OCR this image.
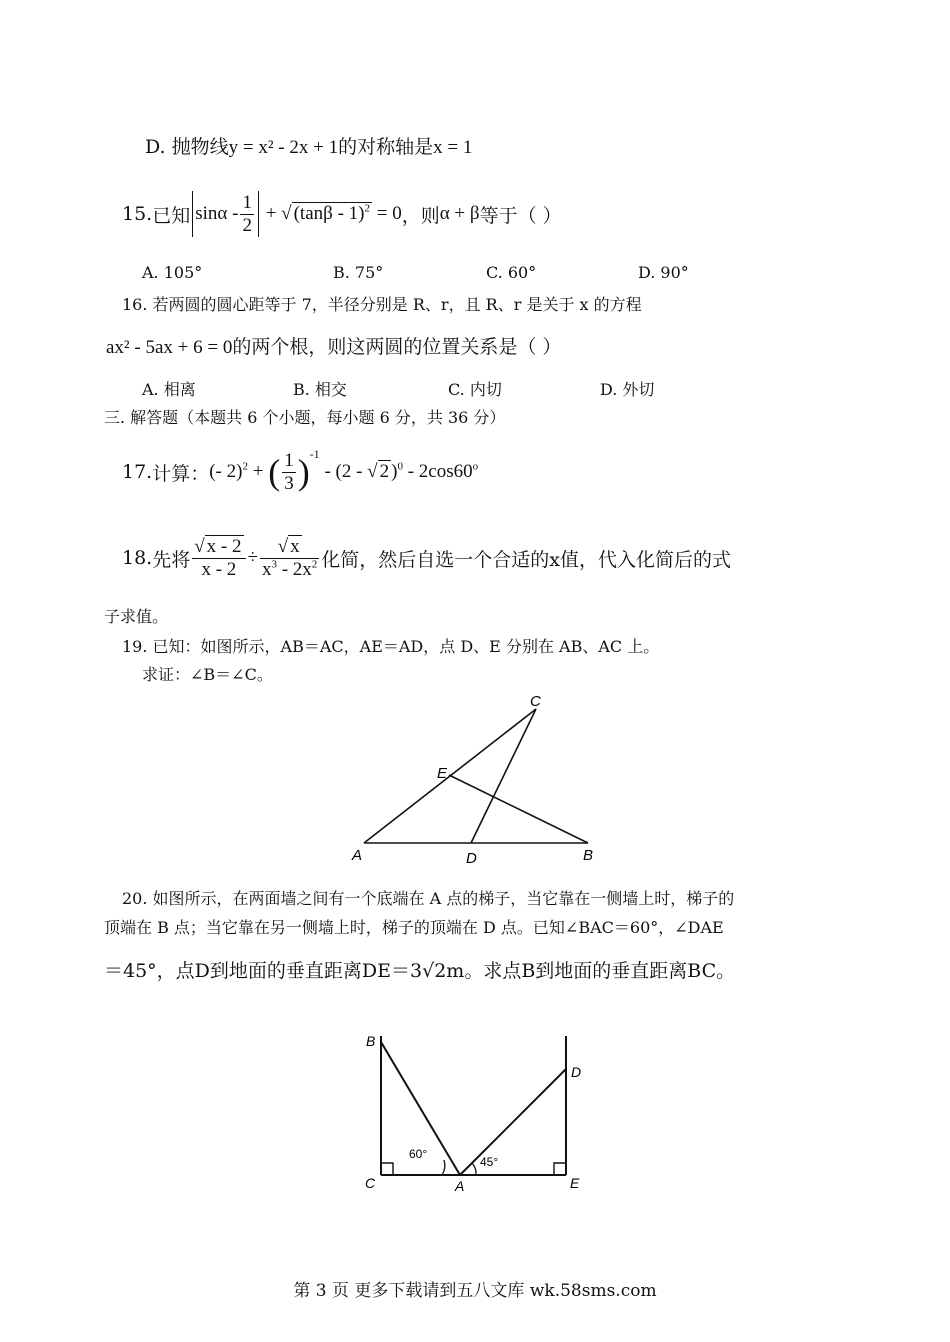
D. 抛物线y = x² - 2x + 1的对称轴是x = 1
15. 已知 sinα - $\frac{1}{2}$ + √ (tanβ - 1)$^2$ = 0 ，则 α + β 等于（ ）
A. 105°	B. 75°	C. 60°	D. 90°
16. 若两圆的圆心距等于 7，半径分别是 R、r，且 R、r 是关于 x 的方程
ax² - 5ax + 6 = 0的两个根，则这两圆的位置关系是（ ）
A. 相离	B. 相交	C. 内切	D. 外切
三. 解答题（本题共 6 个小题，每小题 6 分，共 36 分）
17. 计算： (- 2)$^2$ + ( $\frac{1}{3}$ ) -1
- (2 - √ 2 )$^0$ - 2cos60$^o$
18. 先将 $\frac{√ x - 2}{x - 2} \div \frac{√ x}{x^3 - 2x^2}$ 化简，然后自选一个合适的x值，代入化简后的式
子求值。
19. 已知：如图所示，AB＝AC，AE＝AD，点 D、E 分别在 AB、AC 上。
求证：∠B＝∠C。
A	B
C
D
E
20. 如图所示，在两面墙之间有一个底端在 A 点的梯子，当它靠在一侧墙上时，梯子的
顶端在 B 点；当它靠在另一侧墙上时，梯子的顶端在 D 点。已知∠BAC＝60°，∠DAE
＝45°，点D到地面的垂直距离DE＝3√2m。求点B到地面的垂直距离BC。
B
D
C	A	E
60°
45°
第 3 页 更多下载请到五八文库 wk.58sms.com
